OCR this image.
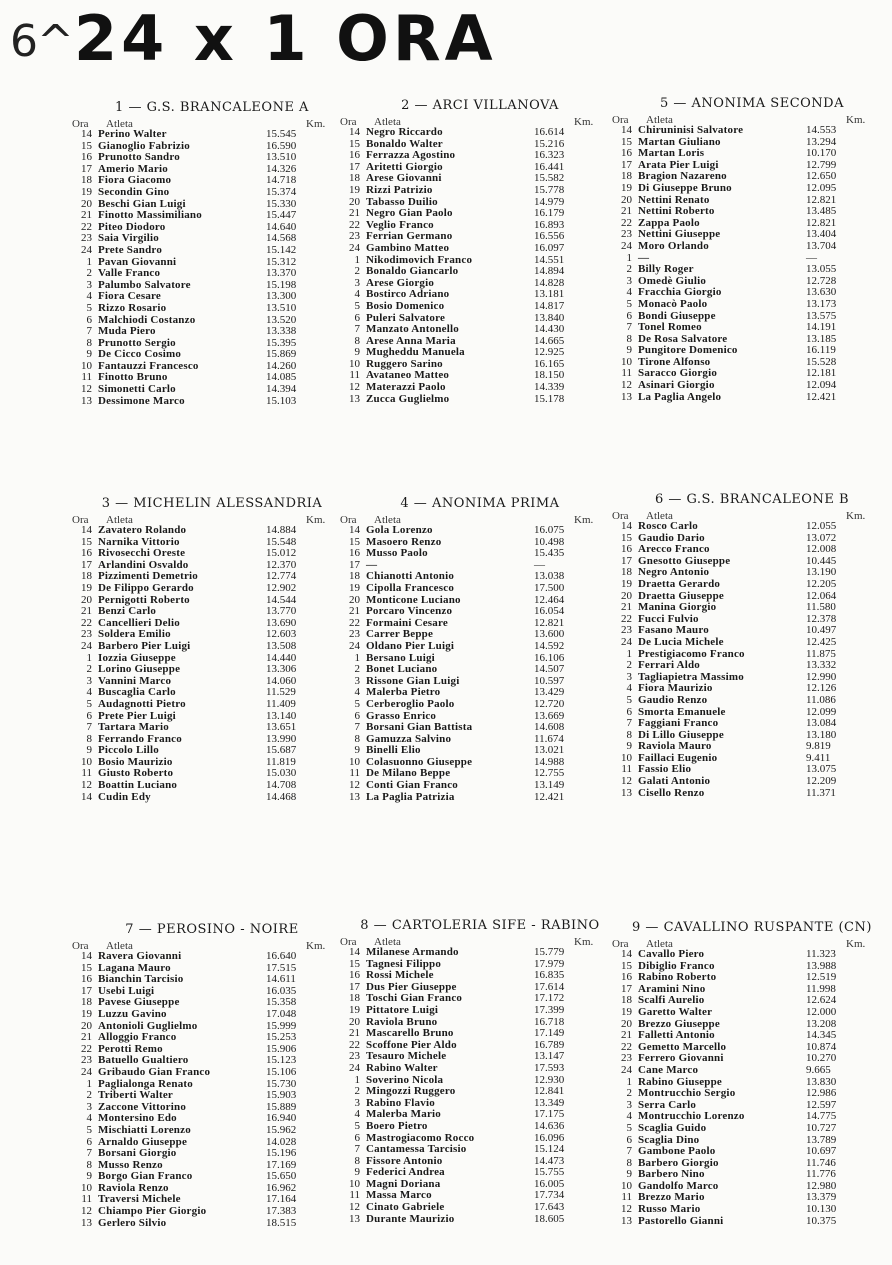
6^ 24 x 1 ORA
1 — G.S. BRANCALEONE A
Ora	Atleta	Km.
14	Perino Walter	15.545
15	Gianoglio Fabrizio	16.590
16	Prunotto Sandro	13.510
17	Amerio Mario	14.326
18	Fiora Giacomo	14.718
19	Secondin Gino	15.374
20	Beschi Gian Luigi	15.330
21	Finotto Massimiliano	15.447
22	Piteo Diodoro	14.640
23	Saia Virgilio	14.568
24	Prete Sandro	15.142
1	Pavan Giovanni	15.312
2	Valle Franco	13.370
3	Palumbo Salvatore	15.198
4	Fiora Cesare	13.300
5	Rizzo Rosario	13.510
6	Malchiodi Costanzo	13.520
7	Muda Piero	13.338
8	Prunotto Sergio	15.395
9	De Cicco Cosimo	15.869
10	Fantauzzi Francesco	14.260
11	Finotto Bruno	14.085
12	Simonetti Carlo	14.394
13	Dessimone Marco	15.103
2 — ARCI VILLANOVA
Ora	Atleta	Km.
14	Negro Riccardo	16.614
15	Bonaldo Walter	15.216
16	Ferrazza Agostino	16.323
17	Aritetti Giorgio	16.441
18	Arese Giovanni	15.582
19	Rizzi Patrizio	15.778
20	Tabasso Duilio	14.979
21	Negro Gian Paolo	16.179
22	Veglio Franco	16.893
23	Ferrian Germano	16.556
24	Gambino Matteo	16.097
1	Nikodimovich Franco	14.551
2	Bonaldo Giancarlo	14.894
3	Arese Giorgio	14.828
4	Bostirco Adriano	13.181
5	Bosio Domenico	14.817
6	Puleri Salvatore	13.840
7	Manzato Antonello	14.430
8	Arese Anna Maria	14.665
9	Mugheddu Manuela	12.925
10	Ruggero Sarino	16.165
11	Avataneo Matteo	18.150
12	Materazzi Paolo	14.339
13	Zucca Guglielmo	15.178
5 — ANONIMA SECONDA
Ora	Atleta	Km.
14	Chiruninisi Salvatore	14.553
15	Martan Giuliano	13.294
16	Martan Loris	10.170
17	Arata Pier Luigi	12.799
18	Bragion Nazareno	12.650
19	Di Giuseppe Bruno	12.095
20	Nettini Renato	12.821
21	Nettini Roberto	13.485
22	Zappa Paolo	12.821
23	Nettini Giuseppe	13.404
24	Moro Orlando	13.704
1	—	—
2	Billy Roger	13.055
3	Omedè Giulio	12.728
4	Fracchia Giorgio	13.630
5	Monacò Paolo	13.173
6	Bondi Giuseppe	13.575
7	Tonel Romeo	14.191
8	De Rosa Salvatore	13.185
9	Pungitore Domenico	16.119
10	Tirone Alfonso	15.528
11	Saracco Giorgio	12.181
12	Asinari Giorgio	12.094
13	La Paglia Angelo	12.421
3 — MICHELIN ALESSANDRIA
Ora	Atleta	Km.
14	Zavatero Rolando	14.884
15	Narnika Vittorio	15.548
16	Rivosecchi Oreste	15.012
17	Arlandini Osvaldo	12.370
18	Pizzimenti Demetrio	12.774
19	De Filippo Gerardo	12.902
20	Pernigotti Roberto	14.544
21	Benzi Carlo	13.770
22	Cancellieri Delio	13.690
23	Soldera Emilio	12.603
24	Barbero Pier Luigi	13.508
1	Iozzia Giuseppe	14.440
2	Lorino Giuseppe	13.306
3	Vannini Marco	14.060
4	Buscaglia Carlo	11.529
5	Audagnotti Pietro	11.409
6	Prete Pier Luigi	13.140
7	Tartara Mario	13.651
8	Ferrando Franco	13.990
9	Piccolo Lillo	15.687
10	Bosio Maurizio	11.819
11	Giusto Roberto	15.030
12	Boattin Luciano	14.708
14	Cudin Edy	14.468
4 — ANONIMA PRIMA
Ora	Atleta	Km.
14	Gola Lorenzo	16.075
15	Masoero Renzo	10.498
16	Musso Paolo	15.435
17	—	—
18	Chianotti Antonio	13.038
19	Cipolla Francesco	17.500
20	Monticone Luciano	12.464
21	Porcaro Vincenzo	16.054
22	Formaini Cesare	12.821
23	Carrer Beppe	13.600
24	Oldano Pier Luigi	14.592
1	Bersano Luigi	16.106
2	Bonet Luciano	14.507
3	Rissone Gian Luigi	10.597
4	Malerba Pietro	13.429
5	Cerberoglio Paolo	12.720
6	Grasso Enrico	13.669
7	Borsani Gian Battista	14.608
8	Gamuzza Salvino	11.674
9	Binelli Elio	13.021
10	Colasuonno Giuseppe	14.988
11	De Milano Beppe	12.755
12	Conti Gian Franco	13.149
13	La Paglia Patrizia	12.421
6 — G.S. BRANCALEONE B
Ora	Atleta	Km.
14	Rosco Carlo	12.055
15	Gaudio Dario	13.072
16	Arecco Franco	12.008
17	Gnesotto Giuseppe	10.445
18	Negro Antonio	13.190
19	Draetta Gerardo	12.205
20	Draetta Giuseppe	12.064
21	Manina Giorgio	11.580
22	Fucci Fulvio	12.378
23	Fasano Mauro	10.497
24	De Lucia Michele	12.425
1	Prestigiacomo Franco	11.875
2	Ferrari Aldo	13.332
3	Tagliapietra Massimo	12.990
4	Fiora Maurizio	12.126
5	Gaudio Renzo	11.086
6	Smorta Emanuele	12.099
7	Faggiani Franco	13.084
8	Di Lillo Giuseppe	13.180
9	Raviola Mauro	9.819
10	Faillaci Eugenio	9.411
11	Fassio Elio	13.075
12	Galati Antonio	12.209
13	Cisello Renzo	11.371
7 — PEROSINO - NOIRE
Ora	Atleta	Km.
14	Ravera Giovanni	16.640
15	Lagana Mauro	17.515
16	Bianchin Tarcisio	14.611
17	Usebi Luigi	16.035
18	Pavese Giuseppe	15.358
19	Luzzu Gavino	17.048
20	Antonioli Guglielmo	15.999
21	Alloggio Franco	15.253
22	Perotti Remo	15.906
23	Batuello Gualtiero	15.123
24	Gribaudo Gian Franco	15.106
1	Paglialonga Renato	15.730
2	Triberti Walter	15.903
3	Zaccone Vittorino	15.889
4	Montersino Edo	16.940
5	Mischiatti Lorenzo	15.962
6	Arnaldo Giuseppe	14.028
7	Borsani Giorgio	15.196
8	Musso Renzo	17.169
9	Borgo Gian Franco	15.650
10	Raviola Renzo	16.962
11	Traversi Michele	17.164
12	Chiampo Pier Giorgio	17.383
13	Gerlero Silvio	18.515
8 — CARTOLERIA SIFE - RABINO
Ora	Atleta	Km.
14	Milanese Armando	15.779
15	Tagnesi Filippo	17.979
16	Rossi Michele	16.835
17	Dus Pier Giuseppe	17.614
18	Toschi Gian Franco	17.172
19	Pittatore Luigi	17.399
20	Raviola Bruno	16.718
21	Mascarello Bruno	17.149
22	Scoffone Pier Aldo	16.789
23	Tesauro Michele	13.147
24	Rabino Walter	17.593
1	Soverino Nicola	12.930
2	Mingozzi Ruggero	12.841
3	Rabino Flavio	13.349
4	Malerba Mario	17.175
5	Boero Pietro	14.636
6	Mastrogiacomo Rocco	16.096
7	Cantamessa Tarcisio	15.124
8	Fissore Antonio	14.473
9	Federici Andrea	15.755
10	Magni Doriana	16.005
11	Massa Marco	17.734
12	Cinato Gabriele	17.643
13	Durante Maurizio	18.605
9 — CAVALLINO RUSPANTE (CN)
Ora	Atleta	Km.
14	Cavallo Piero	11.323
15	Dibiglio Franco	13.988
16	Rabino Roberto	12.519
17	Aramini Nino	11.998
18	Scalfi Aurelio	12.624
19	Garetto Walter	12.000
20	Brezzo Giuseppe	13.208
21	Falletti Antonio	14.345
22	Gemetto Marcello	10.874
23	Ferrero Giovanni	10.270
24	Cane Marco	9.665
1	Rabino Giuseppe	13.830
2	Montrucchio Sergio	12.986
3	Serra Carlo	12.597
4	Montrucchio Lorenzo	14.775
5	Scaglia Guido	10.727
6	Scaglia Dino	13.789
7	Gambone Paolo	10.697
8	Barbero Giorgio	11.746
9	Barbero Nino	11.776
10	Gandolfo Marco	12.980
11	Brezzo Mario	13.379
12	Russo Mario	10.130
13	Pastorello Gianni	10.375
